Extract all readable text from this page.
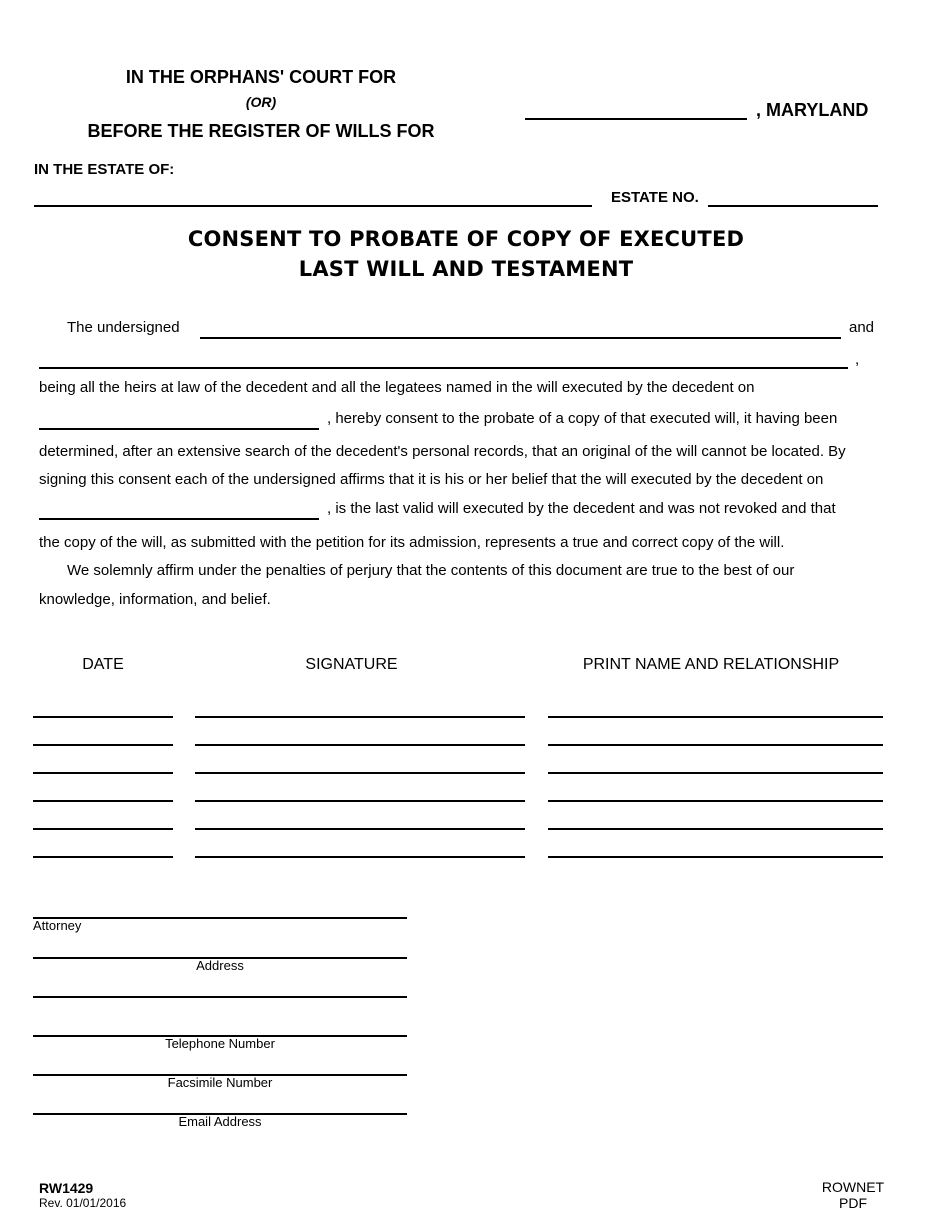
IN THE ORPHANS' COURT FOR
(OR)
BEFORE THE REGISTER OF WILLS FOR
, MARYLAND
IN THE ESTATE OF:
ESTATE NO.
CONSENT TO PROBATE OF COPY OF EXECUTED
LAST WILL AND TESTAMENT
The undersigned	and
,
being all the heirs at law of the decedent and all the legatees named in the will executed by the decedent on
, hereby consent to the probate of a copy of that executed will, it having been
determined, after an extensive search of the decedent's personal records, that an original of the will cannot be located. By
signing this consent each of the undersigned affirms that it is his or her belief that the will executed by the decedent on
, is the last valid will executed by the decedent and was not revoked and that
the copy of the will, as submitted with the petition for its admission, represents a true and correct copy of the will.
We solemnly affirm under the penalties of perjury that the contents of this document are true to the best of our
knowledge, information, and belief.
DATE	SIGNATURE	PRINT NAME AND RELATIONSHIP
Attorney
Address
Telephone Number
Facsimile Number
Email Address
RW1429
Rev. 01/01/2016
ROWNET
PDF
